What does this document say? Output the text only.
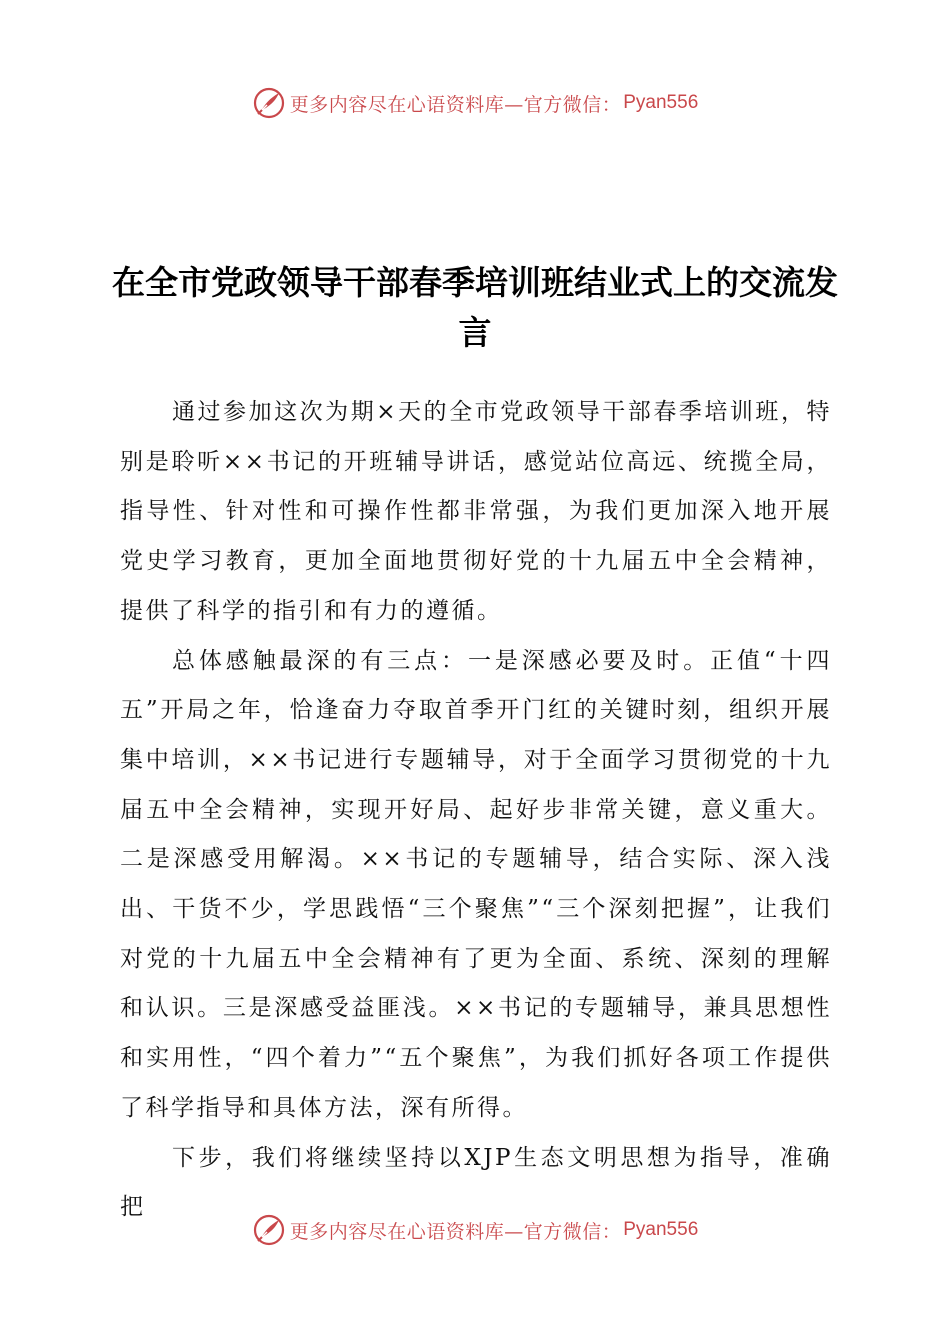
更多内容尽在心语资料库—官方微信： Pyan556
在全市党政领导干部春季培训班结业式上的交流发言

通过参加这次为期×天的全市党政领导干部春季培训班，特别是聆听××书记的开班辅导讲话，感觉站位高远、统揽全局，指导性、针对性和可操作性都非常强，为我们更加深入地开展党史学习教育，更加全面地贯彻好党的十九届五中全会精神，提供了科学的指引和有力的遵循。

总体感触最深的有三点：一是深感必要及时。正值“十四五”开局之年，恰逢奋力夺取首季开门红的关键时刻，组织开展集中培训，××书记进行专题辅导，对于全面学习贯彻党的十九届五中全会精神，实现开好局、起好步非常关键，意义重大。二是深感受用解渴。××书记的专题辅导，结合实际、深入浅出、干货不少，学思践悟“三个聚焦”“三个深刻把握”，让我们对党的十九届五中全会精神有了更为全面、系统、深刻的理解和认识。三是深感受益匪浅。××书记的专题辅导，兼具思想性和实用性，“四个着力”“五个聚焦”，为我们抓好各项工作提供了科学指导和具体方法，深有所得。

下步，我们将继续坚持以XJP生态文明思想为指导，准确把

更多内容尽在心语资料库—官方微信： Pyan556
